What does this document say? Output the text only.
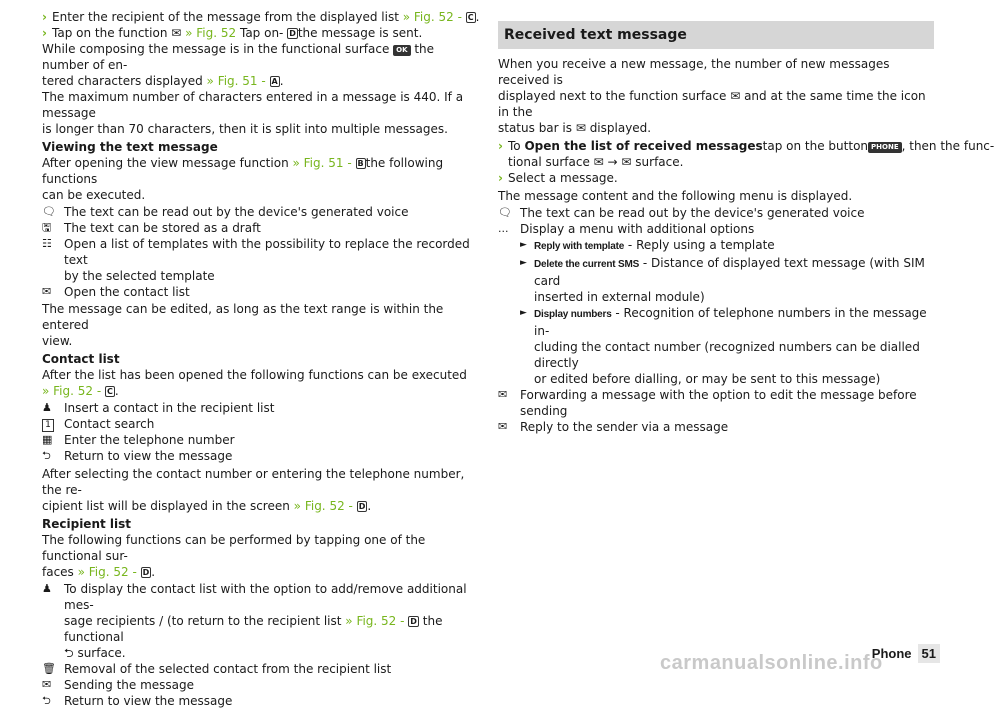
› Enter the recipient of the message from the displayed list » Fig. 52 - C .
› Tap on the function ✉ » Fig. 52 Tap on- D the message is sent.

While composing the message is in the functional surface OK the number of en-
tered characters displayed » Fig. 51 - A .

The maximum number of characters entered in a message is 440. If a message
is longer than 70 characters, then it is split into multiple messages.

Viewing the text message
After opening the view message function » Fig. 51 - B the following functions
can be executed.

🗨 The text can be read out by the device's generated voice
🖫	The text can be stored as a draft
☷	Open a list of templates with the possibility to replace the recorded text
by the selected template
✉	Open the contact list

The message can be edited, as long as the text range is within the entered
view.

Contact list
After the list has been opened the following functions can be executed
» Fig. 52 - C .

♟	Insert a contact in the recipient list
1	Contact search
▦ Enter the telephone number
⮌	Return to view the message

After selecting the contact number or entering the telephone number, the re-
cipient list will be displayed in the screen » Fig. 52 - D .

Recipient list
The following functions can be performed by tapping one of the functional sur-
faces » Fig. 52 - D .

♟	To display the contact list with the option to add/remove additional mes-
sage recipients / (to return to the recipient list » Fig. 52 - D the functional
⮌ surface.
🗑 Removal of the selected contact from the recipient list
✉	Sending the message
⮌	Return to view the message
Received text message

When you receive a new message, the number of new messages received is
displayed next to the function surface ✉ and at the same time the icon in the
status bar is ✉ displayed.

› To Open the list of received messagestap on the button PHONE , then the func-
tional surface ✉ → ✉ surface.
› Select a message.

The message content and the following menu is displayed.

🗨 The text can be read out by the device's generated voice
... Display a menu with additional options
► Reply with template - Reply using a template
► Delete the current SMS - Distance of displayed text message (with SIM card
inserted in external module)
► Display numbers - Recognition of telephone numbers in the message in-
cluding the contact number (recognized numbers can be dialled directly
or edited before dialling, or may be sent to this message)
✉	Forwarding a message with the option to edit the message before sending
✉	Reply to the sender via a message
carmanualsonline.info
Phone 51
